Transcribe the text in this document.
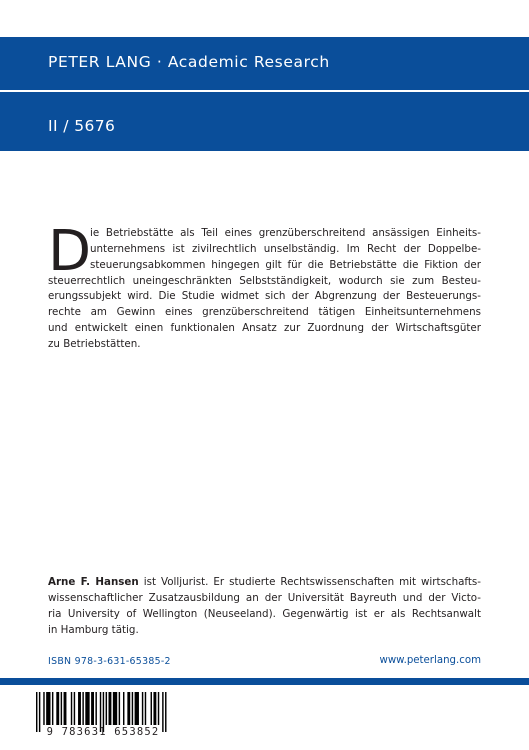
PETER LANG · Academic Research
II / 5676
D
ie Betriebstätte als Teil eines grenzüberschreitend ansässigen Einheits-
unternehmens ist zivilrechtlich unselbständig. Im Recht der Doppelbe-
steuerungsabkommen hingegen gilt für die Betriebstätte die Fiktion der
steuerrechtlich uneingeschränkten Selbstständigkeit, wodurch sie zum Besteu-
erungssubjekt wird. Die Studie widmet sich der Abgrenzung der Besteuerungs-
rechte am Gewinn eines grenzüberschreitend tätigen Einheitsunternehmens
und entwickelt einen funktionalen Ansatz zur Zuordnung der Wirtschaftsgüter
zu Betriebstätten.
Arne F. Hansen ist Volljurist. Er studierte Rechtswissenschaften mit wirtschafts-
wissenschaftlicher Zusatzausbildung an der Universität Bayreuth und der Victo-
ria University of Wellington (Neuseeland). Gegenwärtig ist er als Rechtsanwalt
in Hamburg tätig.
ISBN 978-3-631-65385-2	www.peterlang.com
9 783631 653852
